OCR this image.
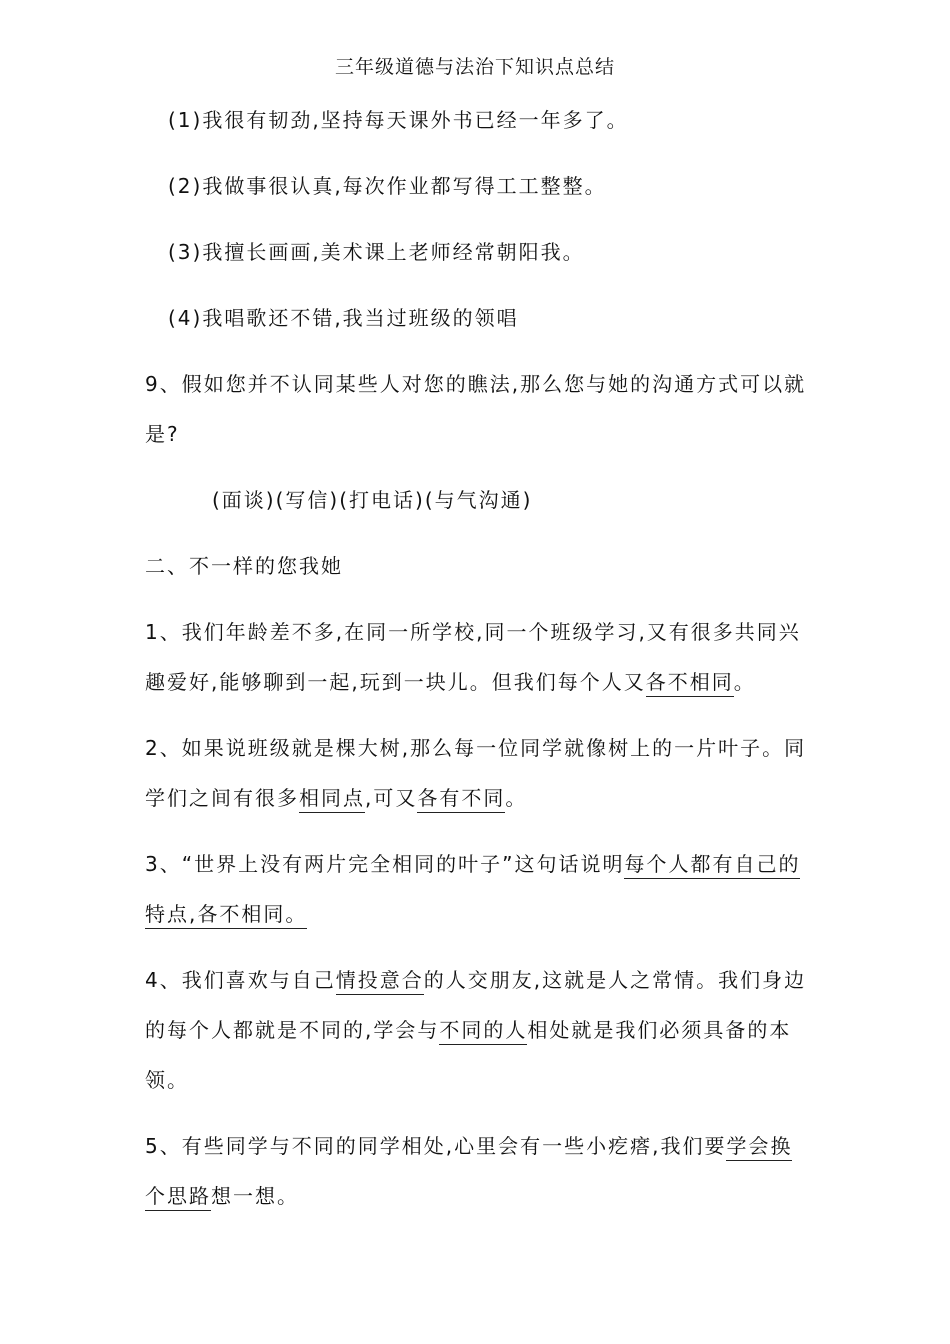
三年级道德与法治下知识点总结
(1)我很有韧劲,坚持每天课外书已经一年多了。
(2)我做事很认真,每次作业都写得工工整整。
(3)我擅长画画,美术课上老师经常朝阳我。
(4)我唱歌还不错,我当过班级的领唱
9、假如您并不认同某些人对您的瞧法,那么您与她的沟通方式可以就
是?
(面谈)(写信)(打电话)(与气沟通)
二、不一样的您我她
1、我们年龄差不多,在同一所学校,同一个班级学习,又有很多共同兴
趣爱好,能够聊到一起,玩到一块儿。但我们每个人又各不相同。
2、如果说班级就是棵大树,那么每一位同学就像树上的一片叶子。同
学们之间有很多相同点,可又各有不同。
3、“世界上没有两片完全相同的叶子”这句话说明每个人都有自己的
特点,各不相同。
4、我们喜欢与自己情投意合的人交朋友,这就是人之常情。我们身边
的每个人都就是不同的,学会与不同的人相处就是我们必须具备的本
领。
5、有些同学与不同的同学相处,心里会有一些小疙瘩,我们要学会换
个思路想一想。
